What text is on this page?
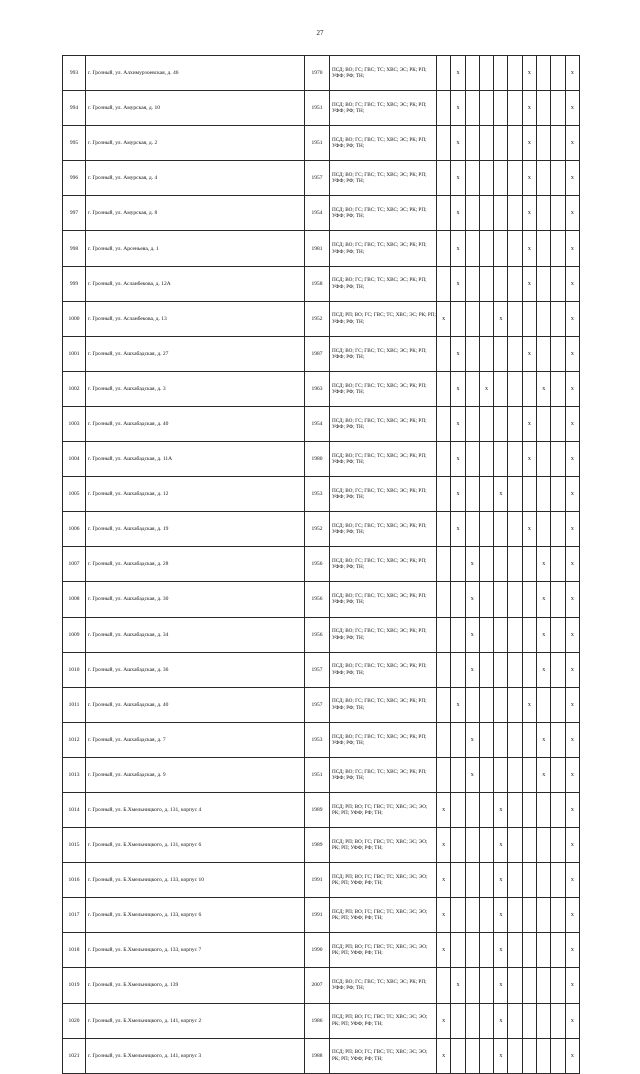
27
993	г. Грозный, ул. Алхимурзоевская, д. 46	1970	ПСД; ВО; ГС; ГВС; ТС; ХВС; ЭС; РК; РП; УФФ; РФ; ТН;		x					x			x
994	г. Грозный, ул. Амурская, д. 10	1951	ПСД; ВО; ГС; ГВС; ТС; ХВС; ЭС; РК; РП; УФФ; РФ; ТН;		x					x			x
995	г. Грозный, ул. Амурская, д. 2	1951	ПСД; ВО; ГС; ГВС; ТС; ХВС; ЭС; РК; РП; УФФ; РФ; ТН;		x					x			x
996	г. Грозный, ул. Амурская, д. 4	1957	ПСД; ВО; ГС; ГВС; ТС; ХВС; ЭС; РК; РП; УФФ; РФ; ТН;		x					x			x
997	г. Грозный, ул. Амурская, д. 8	1954	ПСД; ВО; ГС; ГВС; ТС; ХВС; ЭС; РК; РП; УФФ; РФ; ТН;		x					x			x
998	г. Грозный, ул. Арсеньева, д. 1	1981	ПСД; ВО; ГС; ГВС; ТС; ХВС; ЭС; РК; РП; УФФ; РФ; ТН;		x					x			x
999	г. Грозный, ул. Асланбекова, д. 12А	1958	ПСД; ВО; ГС; ГВС; ТС; ХВС; ЭС; РК; РП; УФФ; РФ; ТН;		x					x			x
1000	г. Грозный, ул. Асланбекова, д. 13	1952	ПСД; РП; ВО; ГС; ГВС; ТС; ХВС; ЭС; РК; РП; УФФ; РФ; ТН;	x				x					x
1001	г. Грозный, ул. Ашхабадская, д. 27	1987	ПСД; ВО; ГС; ГВС; ТС; ХВС; ЭС; РК; РП; УФФ; РФ; ТН;		x					x			x
1002	г. Грозный, ул. Ашхабадская, д. 3	1963	ПСД; ВО; ГС; ГВС; ТС; ХВС; ЭС; РК; РП; УФФ; РФ; ТН;		x		x				x		x
1003	г. Грозный, ул. Ашхабадская, д. 40	1954	ПСД; ВО; ГС; ГВС; ТС; ХВС; ЭС; РК; РП; УФФ; РФ; ТН;		x					x			x
1004	г. Грозный, ул. Ашхабадская, д. 11А	1980	ПСД; ВО; ГС; ГВС; ТС; ХВС; ЭС; РК; РП; УФФ; РФ; ТН;		x					x			x
1005	г. Грозный, ул. Ашхабадская, д. 12	1953	ПСД; ВО; ГС; ГВС; ТС; ХВС; ЭС; РК; РП; УФФ; РФ; ТН;		x			x					x
1006	г. Грозный, ул. Ашхабадская, д. 19	1952	ПСД; ВО; ГС; ГВС; ТС; ХВС; ЭС; РК; РП; УФФ; РФ; ТН;		x					x			x
1007	г. Грозный, ул. Ашхабадская, д. 28	1956	ПСД; ВО; ГС; ГВС; ТС; ХВС; ЭС; РК; РП; УФФ; РФ; ТН;			x					x		x
1008	г. Грозный, ул. Ашхабадская, д. 30	1956	ПСД; ВО; ГС; ГВС; ТС; ХВС; ЭС; РК; РП; УФФ; РФ; ТН;			x					x		x
1009	г. Грозный, ул. Ашхабадская, д. 34	1956	ПСД; ВО; ГС; ГВС; ТС; ХВС; ЭС; РК; РП; УФФ; РФ; ТН;			x					x		x
1010	г. Грозный, ул. Ашхабадская, д. 36	1957	ПСД; ВО; ГС; ГВС; ТС; ХВС; ЭС; РК; РП; УФФ; РФ; ТН;			x					x		x
1011	г. Грозный, ул. Ашхабадская, д. 40	1957	ПСД; ВО; ГС; ГВС; ТС; ХВС; ЭС; РК; РП; УФФ; РФ; ТН;		x					x			x
1012	г. Грозный, ул. Ашхабадская, д. 7	1953	ПСД; ВО; ГС; ГВС; ТС; ХВС; ЭС; РК; РП; УФФ; РФ; ТН;			x					x		x
1013	г. Грозный, ул. Ашхабадская, д. 9	1951	ПСД; ВО; ГС; ГВС; ТС; ХВС; ЭС; РК; РП; УФФ; РФ; ТН;			x					x		x
1014	г. Грозный, ул. Б.Хмельницкого, д. 131, корпус 4	1989	ПСД; РП; ВО; ГС; ГВС; ТС; ХВС; ЭС; ЭО; РК; РП; УФФ; РФ; ТН;	x				x					x
1015	г. Грозный, ул. Б.Хмельницкого, д. 131, корпус 6	1989	ПСД; РП; ВО; ГС; ГВС; ТС; ХВС; ЭС; ЭО; РК; РП; УФФ; РФ; ТН;	x				x					x
1016	г. Грозный, ул. Б.Хмельницкого, д. 133, корпус 10	1991	ПСД; РП; ВО; ГС; ГВС; ТС; ХВС; ЭС; ЭО; РК; РП; УФФ; РФ; ТН;	x				x					x
1017	г. Грозный, ул. Б.Хмельницкого, д. 133, корпус 6	1991	ПСД; РП; ВО; ГС; ГВС; ТС; ХВС; ЭС; ЭО; РК; РП; УФФ; РФ; ТН;	x				x					x
1018	г. Грозный, ул. Б.Хмельницкого, д. 133, корпус 7	1990	ПСД; РП; ВО; ГС; ГВС; ТС; ХВС; ЭС; ЭО; РК; РП; УФФ; РФ; ТН;	x				x					x
1019	г. Грозный, ул. Б.Хмельницкого, д. 139	2007	ПСД; ВО; ГС; ГВС; ТС; ХВС; ЭС; РК; РП; УФФ; РФ; ТН;		x			x					x
1020	г. Грозный, ул. Б.Хмельницкого, д. 141, корпус 2	1986	ПСД; РП; ВО; ГС; ГВС; ТС; ХВС; ЭС; ЭО; РК; РП; УФФ; РФ; ТН;	x				x					x
1021	г. Грозный, ул. Б.Хмельницкого, д. 141, корпус 3	1988	ПСД; РП; ВО; ГС; ГВС; ТС; ХВС; ЭС; ЭО; РК; РП; УФФ; РФ; ТН;	x				x					x
